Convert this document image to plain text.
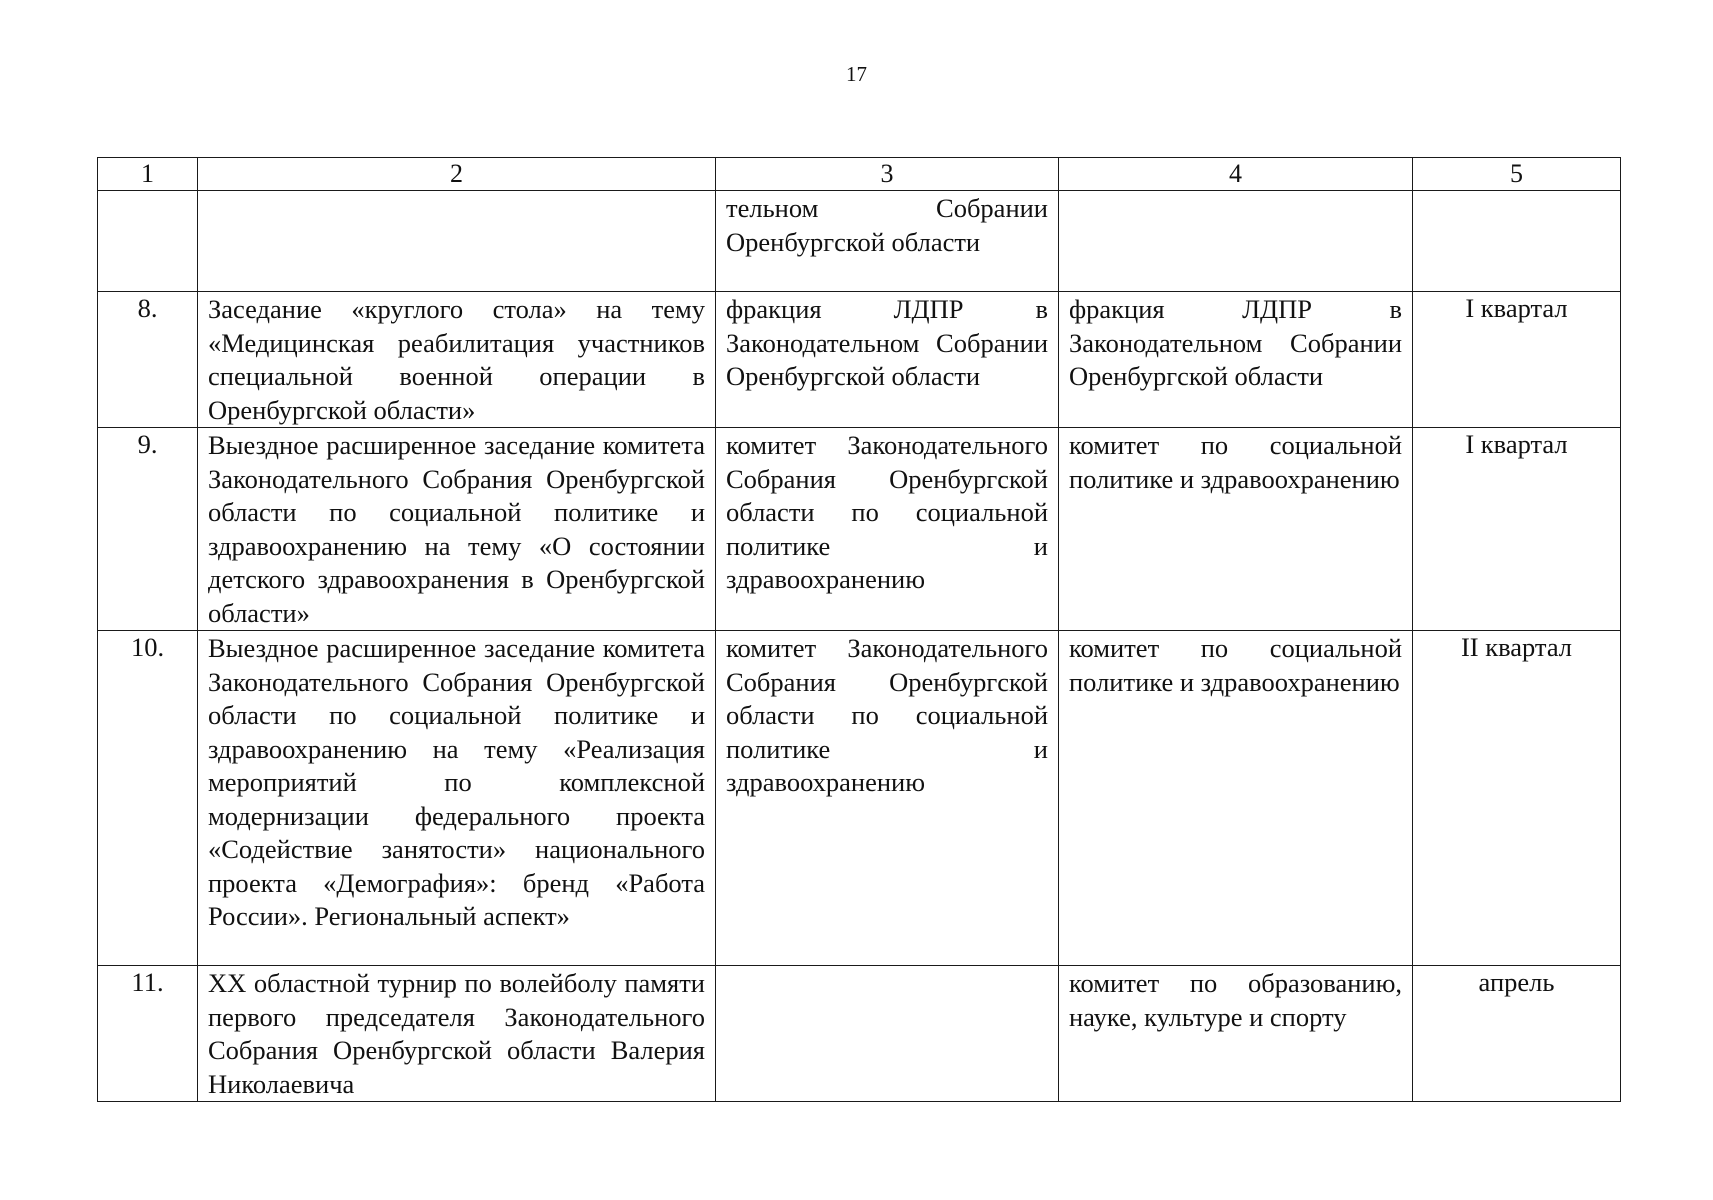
17
1	2	3	4	5

		тельном Собрании Оренбургской области		

8.	Заседание «круглого стола» на тему «Медицинская реабилитация участников специальной военной операции в Оренбургской области»	фракция ЛДПР в Законодательном Собрании Оренбургской области	фракция ЛДПР в Законодательном Собрании Оренбургской области	I квартал
9.	Выездное расширенное заседание комитета Законодательного Собрания Оренбургской области по социальной политике и здравоохранению на тему «О состоянии детского здравоохранения в Оренбургской области»	комитет Законодательного Собрания Оренбургской области по социальной политике и здравоохранению	комитет по социальной политике и здравоохранению	I квартал
10.	Выездное расширенное заседание комитета Законодательного Собрания Оренбургской области по социальной политике и здравоохранению на тему «Реализация мероприятий по комплексной модернизации федерального проекта «Содействие занятости» национального проекта «Демография»: бренд «Работа России». Региональный аспект»	комитет Законодательного Собрания Оренбургской области по социальной политике и здравоохранению	комитет по социальной политике и здравоохранению	II квартал
11.	XX областной турнир по волейболу памяти первого председателя Законодательного Собрания Оренбургской области Валерия Николаевича		комитет по образованию, науке, культуре и спорту	апрель
